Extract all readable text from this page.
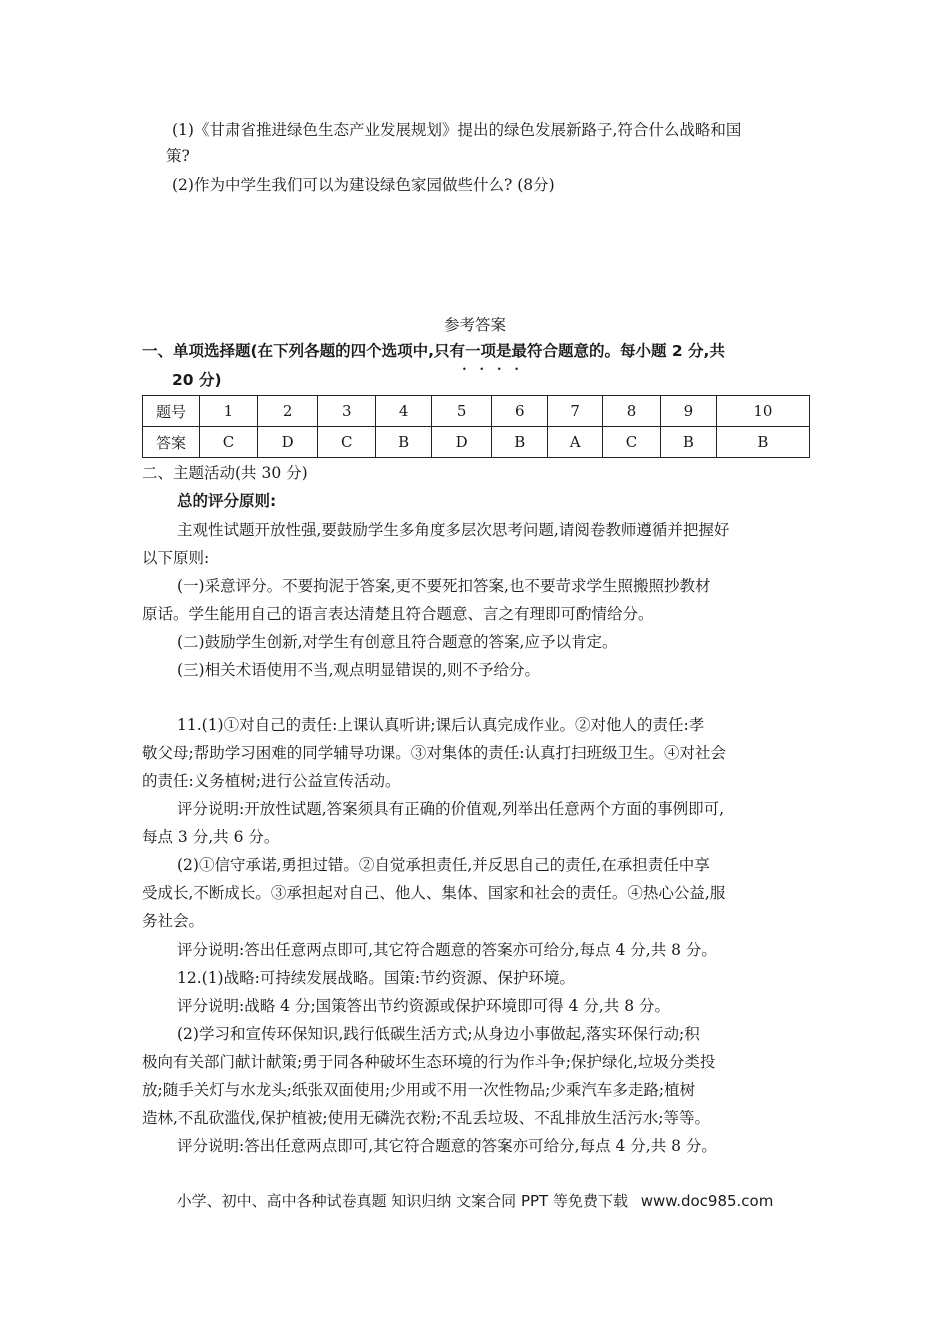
(1)《甘肃省推进绿色生态产业发展规划》提出的绿色发展新路子,符合什么战略和国
策?
(2)作为中学生我们可以为建设绿色家园做些什么? (8分)
参考答案
一、单项选择题(在下列各题的四个选项中,只有一项是最符合题意的。每小题 2 分,共
•     •     •     •
20 分)
题号	1	2	3	4	5	6	7	8	9	10
答案	C	D	C	B	D	B	A	C	B	B
二、主题活动(共 30 分)
总的评分原则:
主观性试题开放性强,要鼓励学生多角度多层次思考问题,请阅卷教师遵循并把握好
以下原则:
(一)采意评分。不要拘泥于答案,更不要死扣答案,也不要苛求学生照搬照抄教材
原话。学生能用自己的语言表达清楚且符合题意、言之有理即可酌情给分。
(二)鼓励学生创新,对学生有创意且符合题意的答案,应予以肯定。
(三)相关术语使用不当,观点明显错误的,则不予给分。
11.(1)①对自己的责任:上课认真听讲;课后认真完成作业。②对他人的责任:孝
敬父母;帮助学习困难的同学辅导功课。③对集体的责任:认真打扫班级卫生。④对社会
的责任:义务植树;进行公益宣传活动。
评分说明:开放性试题,答案须具有正确的价值观,列举出任意两个方面的事例即可,
每点 3 分,共 6 分。
(2)①信守承诺,勇担过错。②自觉承担责任,并反思自己的责任,在承担责任中享
受成长,不断成长。③承担起对自己、他人、集体、国家和社会的责任。④热心公益,服
务社会。
评分说明:答出任意两点即可,其它符合题意的答案亦可给分,每点 4 分,共 8 分。
12.(1)战略:可持续发展战略。国策:节约资源、保护环境。
评分说明:战略 4 分;国策答出节约资源或保护环境即可得 4 分,共 8 分。
(2)学习和宣传环保知识,践行低碳生活方式;从身边小事做起,落实环保行动;积
极向有关部门献计献策;勇于同各种破坏生态环境的行为作斗争;保护绿化,垃圾分类投
放;随手关灯与水龙头;纸张双面使用;少用或不用一次性物品;少乘汽车多走路;植树
造林,不乱砍滥伐,保护植被;使用无磷洗衣粉;不乱丢垃圾、不乱排放生活污水;等等。
评分说明:答出任意两点即可,其它符合题意的答案亦可给分,每点 4 分,共 8 分。
小学、初中、高中各种试卷真题 知识归纳 文案合同 PPT 等免费下载 www.doc985.com
